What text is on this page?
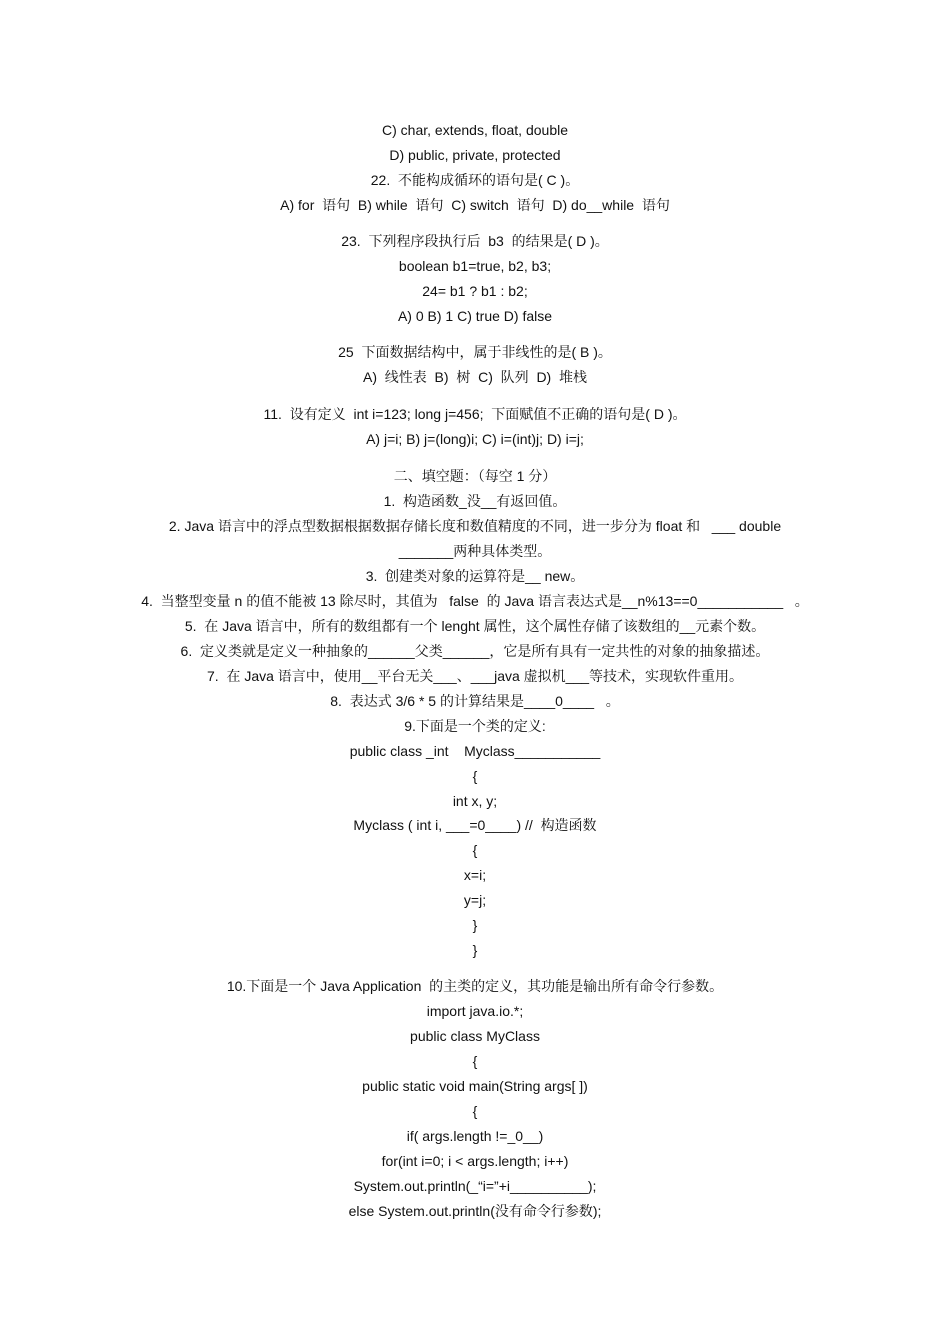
C) char, extends, float, double
D) public, private, protected
22.  不能构成循环的语句是( C )。
A) for  语句  B) while  语句  C) switch  语句  D) do__while  语句
23.  下列程序段执行后  b3  的结果是( D )。
boolean b1=true, b2, b3;
24= b1 ? b1 : b2;
A) 0 B) 1 C) true D) false
25  下面数据结构中，属于非线性的是( B )。
A)  线性表  B)  树  C)  队列  D)  堆栈
11.  设有定义  int i=123; long j=456;  下面赋值不正确的语句是( D )。
A) j=i; B) j=(long)i; C) i=(int)j; D) i=j;
二、填空题：（每空 1 分）
1.  构造函数_没__有返回值。
2. Java 语言中的浮点型数据根据数据存储长度和数值精度的不同，进一步分为 float 和   ___ double
_______两种具体类型。
3.  创建类对象的运算符是__ new。
4.  当整型变量 n 的值不能被 13 除尽时，其值为   false  的 Java 语言表达式是__n%13==0___________   。
5.  在 Java 语言中，所有的数组都有一个 lenght 属性，这个属性存储了该数组的__元素个数。
6.  定义类就是定义一种抽象的______父类______，它是所有具有一定共性的对象的抽象描述。
7.  在 Java 语言中，使用__平台无关___、___java 虚拟机___等技术，实现软件重用。
8.  表达式 3/6 * 5 的计算结果是____0____   。
9.下面是一个类的定义:
public class _int    Myclass___________
{
int x, y;
Myclass ( int i, ___=0____) //  构造函数
{
x=i;
y=j;
}
}
10.下面是一个 Java Application  的主类的定义，其功能是输出所有命令行参数。
import java.io.*;
public class MyClass
{
public static void main(String args[ ])
{
if( args.length !=_0__)
for(int i=0; i < args.length; i++)
System.out.println(_“i=”+i__________);
else System.out.println(没有命令行参数);
